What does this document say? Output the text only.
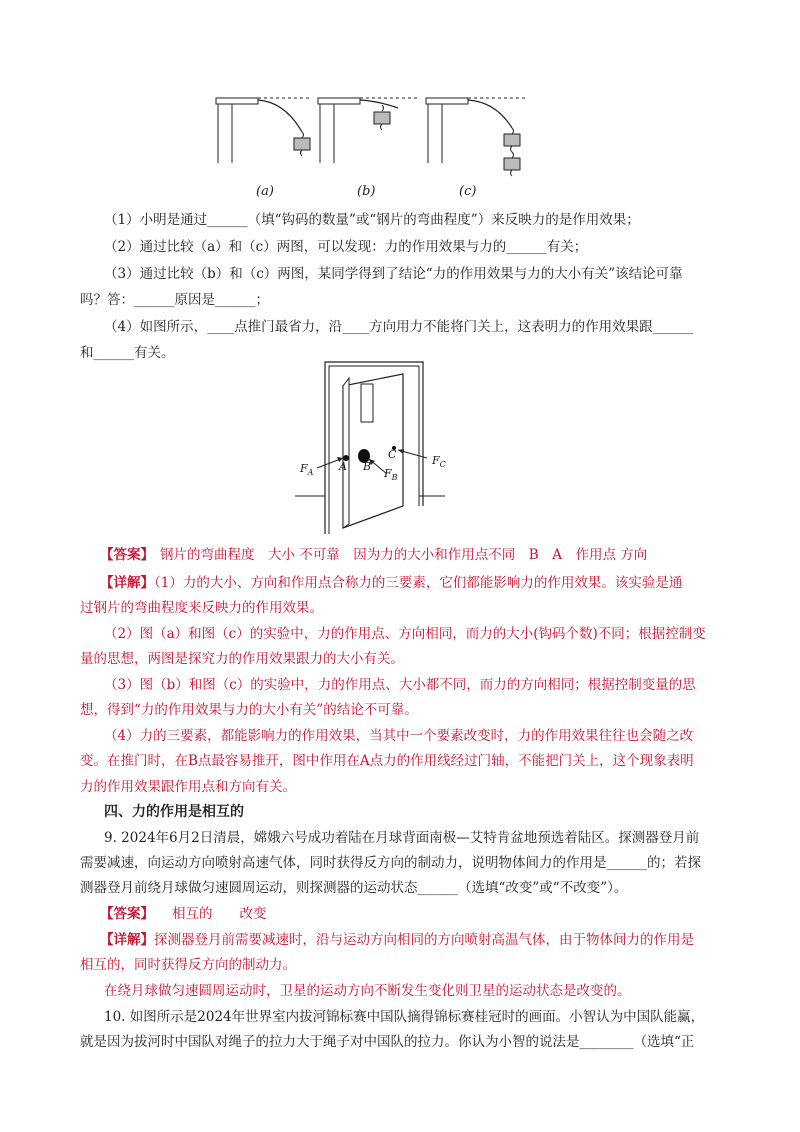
(a)	(b)	(c)
（1）小明是通过______（填“钩码的数量”或“钢片的弯曲程度”）来反映力的是作用效果；
（2）通过比较（a）和（c）两图，可以发现：力的作用效果与力的______有关；
（3）通过比较（b）和（c）两图，某同学得到了结论“力的作用效果与力的大小有关”该结论可靠
吗？答：______原因是______；
（4）如图所示，____点推门最省力，沿____方向用力不能将门关上，这表明力的作用效果跟______
和______有关。
$F_A$ A B
C
$F_B$
$F_C$
【答案】 钢片的弯曲程度　大小 不可靠　因为力的大小和作用点不同　B　A　作用点 方向
【详解】（1）力的大小、方向和作用点合称力的三要素，它们都能影响力的作用效果。该实验是通
过钢片的弯曲程度来反映力的作用效果。
（2）图（a）和图（c）的实验中，力的作用点、方向相同，而力的大小(钩码个数)不同；根据控制变
量的思想，两图是探究力的作用效果跟力的大小有关。
（3）图（b）和图（c）的实验中，力的作用点、大小都不同，而力的方向相同；根据控制变量的思
想，得到“力的作用效果与力的大小有关”的结论不可靠。
（4）力的三要素，都能影响力的作用效果，当其中一个要素改变时，力的作用效果往往也会随之改
变。在推门时，在B点最容易推开，图中作用在A点力的作用线经过门轴，不能把门关上，这个现象表明
力的作用效果跟作用点和方向有关。
四、力的作用是相互的
9. 2024年6月2日清晨，嫦娥六号成功着陆在月球背面南极—艾特肯盆地预选着陆区。探测器登月前
需要减速，向运动方向喷射高速气体，同时获得反方向的制动力，说明物体间力的作用是______的；若探
测器登月前绕月球做匀速圆周运动，则探测器的运动状态______（选填“改变”或“不改变”）。
【答案】 相互的　　改变
【详解】探测器登月前需要减速时，沿与运动方向相同的方向喷射高温气体，由于物体间力的作用是
相互的，同时获得反方向的制动力。
在绕月球做匀速圆周运动时，卫星的运动方向不断发生变化则卫星的运动状态是改变的。
10. 如图所示是2024年世界室内拔河锦标赛中国队摘得锦标赛桂冠时的画面。小智认为中国队能赢，
就是因为拔河时中国队对绳子的拉力大于绳子对中国队的拉力。你认为小智的说法是________（选填“正
